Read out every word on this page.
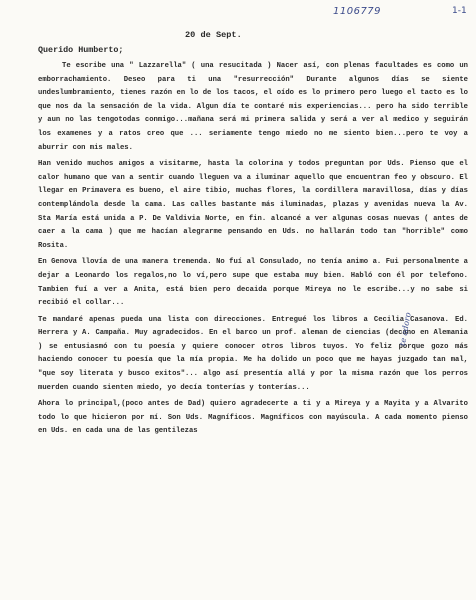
1106779	1-1
20 de Sept.
Querido Humberto;

Te escribe una " Lazzarella" ( una resucitada ) Nacer así, con plenas facultades es como un emborrachamiento. Deseo para ti una "resurrección" Durante algunos días se siente undeslumbramiento, tienes razón en lo de los tacos, el oído es lo primero pero luego el tacto es lo que nos da la sensación de la vida. Algun día te contaré mis experiencias... pero ha sido terrible y aun no las tengotodas conmigo...mañana será mi primera salida y será a ver al medico y seguirán los examenes y a ratos creo que ... seriamente tengo miedo no me siento bien...pero te voy a aburrir con mis males.

Han venido muchos amigos a visitarme, hasta la colorina y todos preguntan por Uds. Pienso que el calor humano que van a sentir cuando lleguen va a iluminar aquello que encuentran feo y obscuro. El llegar en Primavera es bueno, el aire tibio, muchas flores, la cordillera maravillosa, días y días contemplándola desde la cama. Las calles bastante más iluminadas, plazas y avenidas nueva la Av. Sta María está unida a P. De Valdivia Norte, en fin. alcancé a ver algunas cosas nuevas ( antes de caer a la cama ) que me hacían alegrarme pensando en Uds. no hallarán todo tan "horrible" como Rosita.

En Genova llovía de una manera tremenda. No fuí al Consulado, no tenía animo a. Fui personalmente a dejar a Leonardo los regalos,no lo ví,pero supe que estaba muy bien. Habló con él por telefono. Tambien fuí a ver a Anita, está bien pero decaida porque Mireya no le escribe...y no sabe si recibió el collar...

Te mandaré apenas pueda una lista con direcciones. Entregué los libros a Cecilia Casanova. Ed. Herrera y A. Campaña. Muy agradecidos. En el barco un prof. aleman de ciencias (decano en Alemania ) se entusiasmó con tu poesía y quiere conocer otros libros tuyos. Yo feliz porque gozo más haciendo conocer tu poesía que la mía propia. Me ha dolido un poco que me hayas juzgado tan mal, "que soy literata y busco exitos"... algo así presentía allá y por la misma razón que los perros muerden cuando sienten miedo, yo decía tonterías y tonterías...

Ahora lo principal,(poco antes de Dad) quiero agradecerte a ti y a Mireya y a Mayita y a Alvarito todo lo que hicieron por mí. Son Uds. Magníficos. Magníficos con mayúscula. A cada momento pienso en Uds. en cada una de las gentilezas

te adoro
